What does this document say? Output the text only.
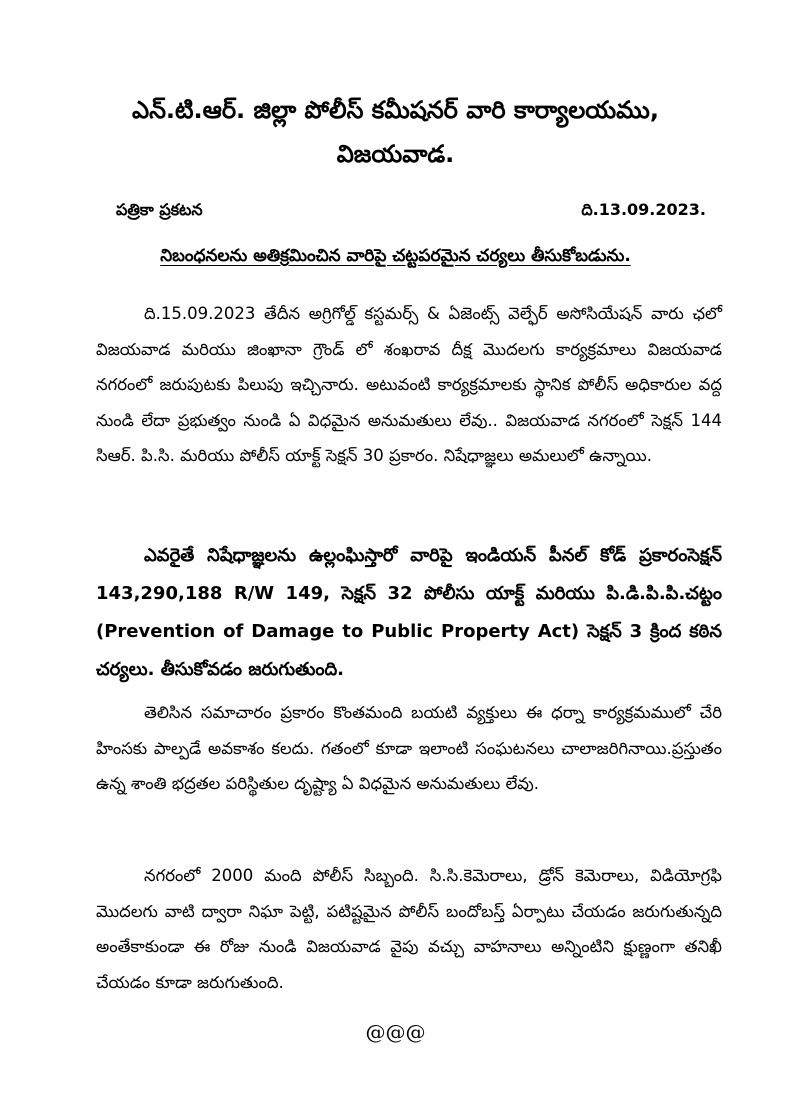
ఎన్.టి.ఆర్. జిల్లా పోలీస్ కమీషనర్ వారి కార్యాలయము,
విజయవాడ.
పత్రికా ప్రకటన	ది.13.09.2023.
నిబంధనలను అతిక్రమించిన వారిపై చట్టపరమైన చర్యలు తీసుకోబడును.

ది.15.09.2023 తేదీన అగ్రిగోల్డ్ కస్టమర్స్ & ఏజెంట్స్ వెల్ఫేర్ అసోసియేషన్ వారు ఛలో విజయవాడ మరియు జింఖానా గ్రౌండ్ లో శంఖరావ దీక్ష మొదలగు కార్యక్రమాలు విజయవాడ నగరంలో జరుపుటకు పిలుపు ఇచ్చినారు. అటువంటి కార్యక్రమాలకు స్థానిక పోలీస్ అధికారుల వద్ద నుండి లేదా ప్రభుత్వం నుండి ఏ విధమైన అనుమతులు లేవు.. విజయవాడ నగరంలో సెక్షన్ 144 సిఆర్. పి.సి. మరియు పోలీస్ యాక్ట్ సెక్షన్ 30 ప్రకారం. నిషేధాజ్ఞలు అమలులో ఉన్నాయి.

ఎవరైతే నిషేధాజ్ఞలను ఉల్లంఘిస్తారో వారిపై ఇండియన్ పీనల్ కోడ్ ప్రకారంసెక్షన్ 143,290,188 R/W 149, సెక్షన్ 32 పోలీసు యాక్ట్ మరియు పి.డి.పి.పి.చట్టం (Prevention of Damage to Public Property Act) సెక్షన్ 3 క్రింద కఠిన చర్యలు. తీసుకోవడం జరుగుతుంది.

తెలిసిన సమాచారం ప్రకారం కొంతమంది బయటి వ్యక్తులు ఈ ధర్నా కార్యక్రమములో చేరి హింసకు పాల్పడే అవకాశం కలదు. గతంలో కూడా ఇలాంటి సంఘటనలు చాలాజరిగినాయి.ప్రస్తుతం ఉన్న శాంతి భద్రతల పరిస్థితుల దృష్ట్యా ఏ విధమైన అనుమతులు లేవు.

నగరంలో 2000 మంది పోలీస్ సిబ్బంది. సి.సి.కెమెరాలు, డ్రోన్ కెమెరాలు, విడియోగ్రఫి మొదలగు వాటి ద్వారా నిఘా పెట్టి, పటిష్టమైన పోలీస్ బందోబస్త్ ఏర్పాటు చేయడం జరుగుతున్నది అంతేకాకుండా ఈ రోజు నుండి విజయవాడ వైపు వచ్చు వాహనాలు అన్నింటిని క్షుణ్ణంగా తనిఖీ చేయడం కూడా జరుగుతుంది.

@@@
